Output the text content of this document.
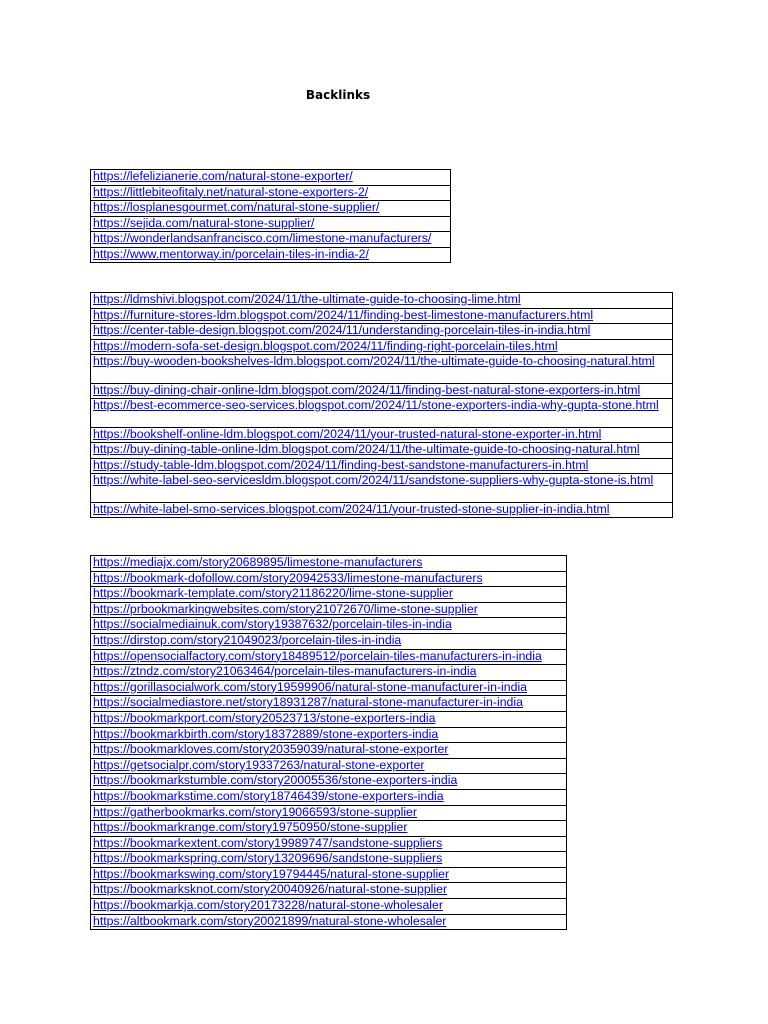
Backlinks
https://lefelizianerie.com/natural-stone-exporter/
https://littlebiteofitaly.net/natural-stone-exporters-2/
https://losplanesgourmet.com/natural-stone-supplier/
https://sejida.com/natural-stone-supplier/
https://wonderlandsanfrancisco.com/limestone-manufacturers/
https://www.mentorway.in/porcelain-tiles-in-india-2/
https://ldmshivi.blogspot.com/2024/11/the-ultimate-guide-to-choosing-lime.html
https://furniture-stores-ldm.blogspot.com/2024/11/finding-best-limestone-manufacturers.html
https://center-table-design.blogspot.com/2024/11/understanding-porcelain-tiles-in-india.html
https://modern-sofa-set-design.blogspot.com/2024/11/finding-right-porcelain-tiles.html
https://buy-wooden-bookshelves-ldm.blogspot.com/2024/11/the-ultimate-guide-to-choosing-natural.html
https://buy-dining-chair-online-ldm.blogspot.com/2024/11/finding-best-natural-stone-exporters-in.html
https://best-ecommerce-seo-services.blogspot.com/2024/11/stone-exporters-india-why-gupta-stone.html
https://bookshelf-online-ldm.blogspot.com/2024/11/your-trusted-natural-stone-exporter-in.html
https://buy-dining-table-online-ldm.blogspot.com/2024/11/the-ultimate-guide-to-choosing-natural.html
https://study-table-ldm.blogspot.com/2024/11/finding-best-sandstone-manufacturers-in.html
https://white-label-seo-servicesldm.blogspot.com/2024/11/sandstone-suppliers-why-gupta-stone-is.html
https://white-label-smo-services.blogspot.com/2024/11/your-trusted-stone-supplier-in-india.html
https://mediajx.com/story20689895/limestone-manufacturers
https://bookmark-dofollow.com/story20942533/limestone-manufacturers
https://bookmark-template.com/story21186220/lime-stone-supplier
https://prbookmarkingwebsites.com/story21072670/lime-stone-supplier
https://socialmediainuk.com/story19387632/porcelain-tiles-in-india
https://dirstop.com/story21049023/porcelain-tiles-in-india
https://opensocialfactory.com/story18489512/porcelain-tiles-manufacturers-in-india
https://ztndz.com/story21063464/porcelain-tiles-manufacturers-in-india
https://gorillasocialwork.com/story19599906/natural-stone-manufacturer-in-india
https://socialmediastore.net/story18931287/natural-stone-manufacturer-in-india
https://bookmarkport.com/story20523713/stone-exporters-india
https://bookmarkbirth.com/story18372889/stone-exporters-india
https://bookmarkloves.com/story20359039/natural-stone-exporter
https://getsocialpr.com/story19337263/natural-stone-exporter
https://bookmarkstumble.com/story20005536/stone-exporters-india
https://bookmarkstime.com/story18746439/stone-exporters-india
https://gatherbookmarks.com/story19066593/stone-supplier
https://bookmarkrange.com/story19750950/stone-supplier
https://bookmarkextent.com/story19989747/sandstone-suppliers
https://bookmarkspring.com/story13209696/sandstone-suppliers
https://bookmarkswing.com/story19794445/natural-stone-supplier
https://bookmarksknot.com/story20040926/natural-stone-supplier
https://bookmarkja.com/story20173228/natural-stone-wholesaler
https://altbookmark.com/story20021899/natural-stone-wholesaler
